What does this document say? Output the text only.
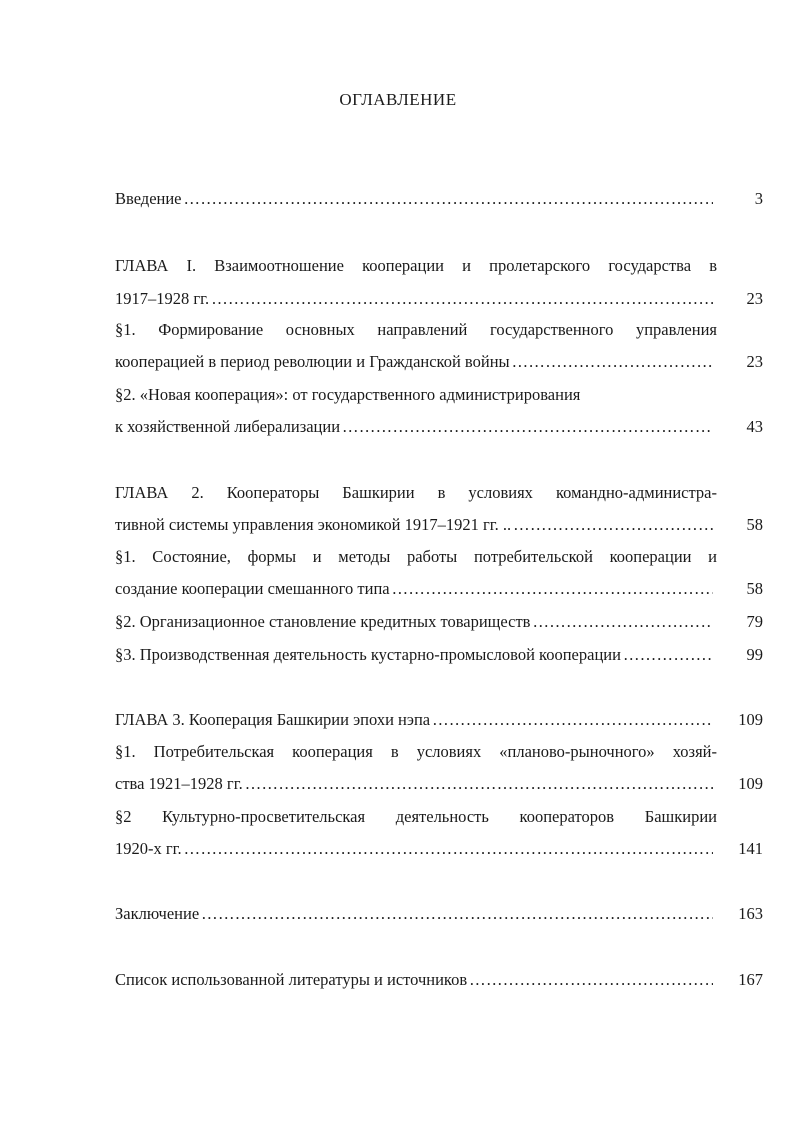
ОГЛАВЛЕНИЕ
Введение …………………………………………………………………………………………………………………………………………………………………………………………	3
ГЛАВА I. Взаимоотношение кооперации и пролетарского государства в
1917–1928 гг. …………………………………………………………………………………………………………………………………………………………………………………………	23
§1. Формирование основных направлений государственного управления
кооперацией в период революции и Гражданской войны …………………………………………………………………………………………………………………………………………………………………………………………	23
§2. «Новая кооперация»: от государственного администрирования
к хозяйственной либерализации …………………………………………………………………………………………………………………………………………………………………………………………	43
ГЛАВА 2. Кооператоры Башкирии в условиях командно-администра-
тивной системы управления экономикой 1917–1921 гг. .. …………………………………………………………………………………………………………………………………………………………………………………………	58
§1. Состояние, формы и методы работы потребительской кооперации и
создание кооперации смешанного типа …………………………………………………………………………………………………………………………………………………………………………………………	58
§2. Организационное становление кредитных товариществ …………………………………………………………………………………………………………………………………………………………………………………………	79
§3. Производственная деятельность кустарно-промысловой кооперации …………………………………………………………………………………………………………………………………………………………………………………………	99
ГЛАВА 3. Кооперация Башкирии эпохи нэпа …………………………………………………………………………………………………………………………………………………………………………………………	109
§1. Потребительская кооперация в условиях «планово-рыночного» хозяй-
ства 1921–1928 гг. …………………………………………………………………………………………………………………………………………………………………………………………	109
§2 Культурно-просветительская деятельность кооператоров Башкирии
1920-х гг. …………………………………………………………………………………………………………………………………………………………………………………………	141
Заключение …………………………………………………………………………………………………………………………………………………………………………………………	163
Список использованной литературы и источников …………………………………………………………………………………………………………………………………………………………………………………………	167
